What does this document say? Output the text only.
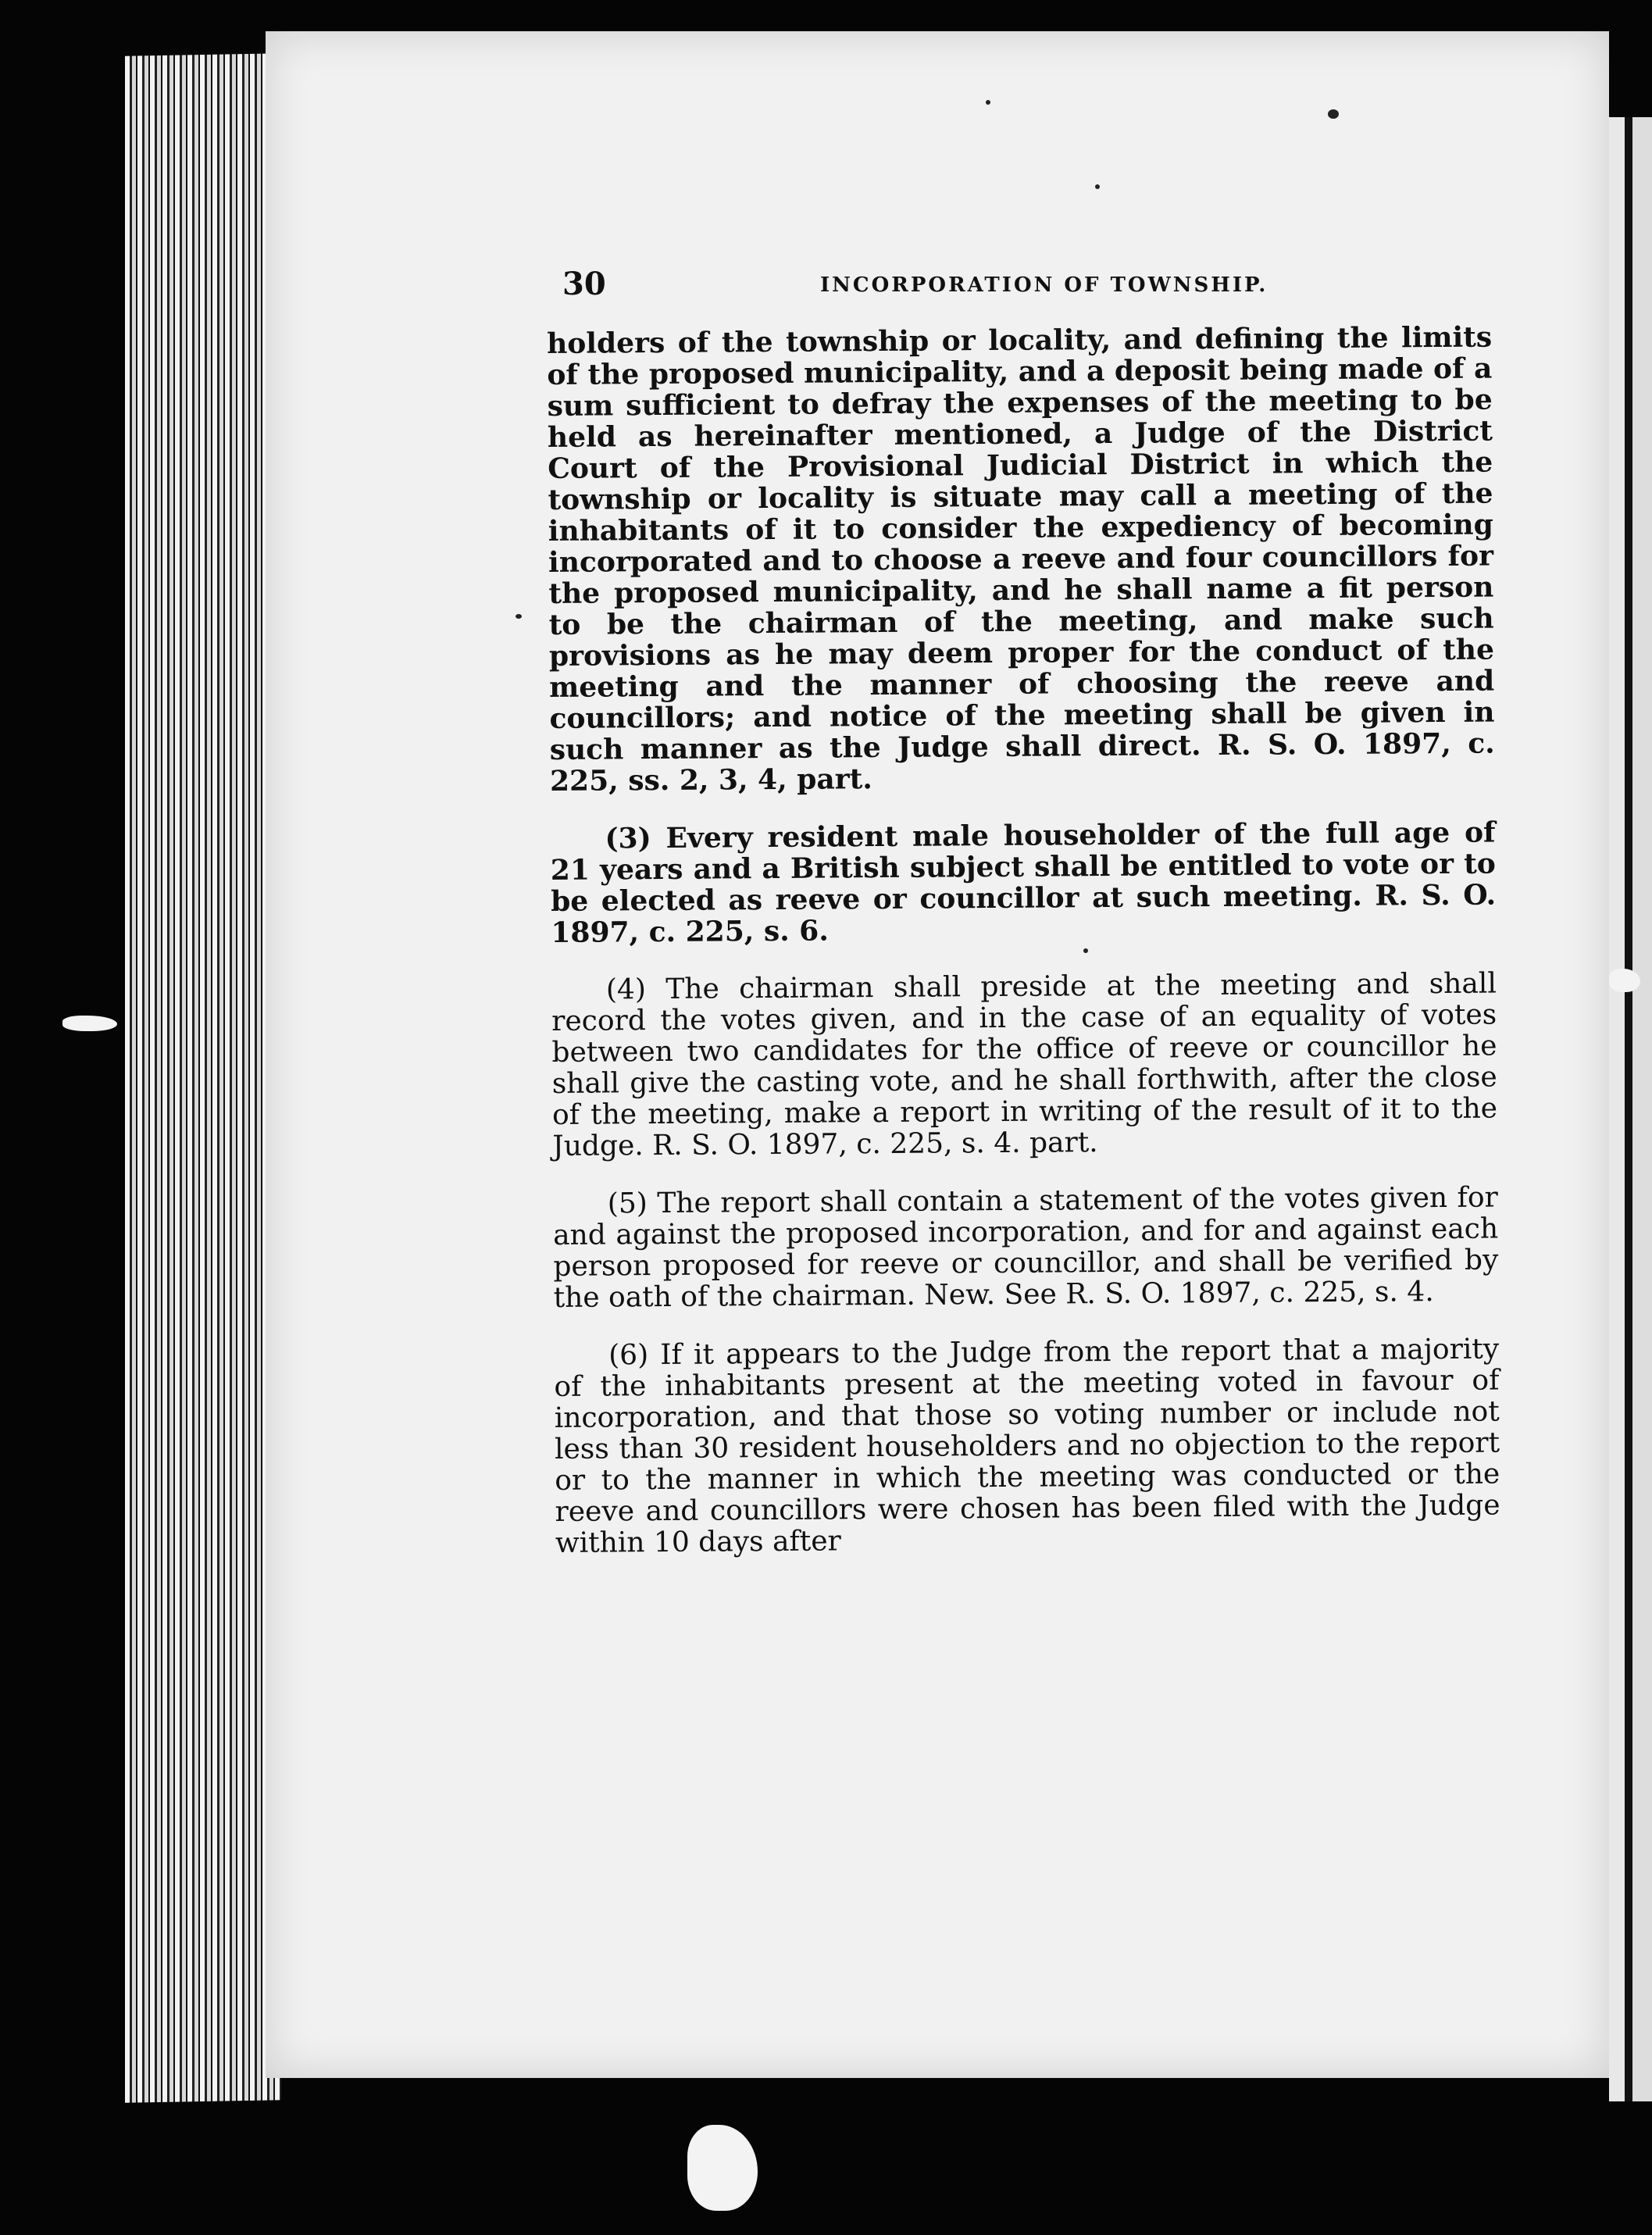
30	INCORPORATION OF TOWNSHIP.

holders of the township or locality, and defining the limits of the proposed municipality, and a deposit being made of a sum sufficient to defray the expenses of the meeting to be held as hereinafter mentioned, a Judge of the District Court of the Provisional Judicial District in which the township or locality is situate may call a meeting of the inhabitants of it to consider the expediency of becoming incorporated and to choose a reeve and four councillors for the proposed municipality, and he shall name a fit person to be the chairman of the meeting, and make such provisions as he may deem proper for the conduct of the meeting and the manner of choosing the reeve and councillors; and notice of the meeting shall be given in such manner as the Judge shall direct. R. S. O. 1897, c. 225, ss. 2, 3, 4, part.

(3) Every resident male householder of the full age of 21 years and a British subject shall be entitled to vote or to be elected as reeve or councillor at such meeting. R. S. O. 1897, c. 225, s. 6.

(4) The chairman shall preside at the meeting and shall record the votes given, and in the case of an equality of votes between two candidates for the office of reeve or councillor he shall give the casting vote, and he shall forthwith, after the close of the meeting, make a report in writing of the result of it to the Judge. R. S. O. 1897, c. 225, s. 4. part.

(5) The report shall contain a statement of the votes given for and against the proposed incorporation, and for and against each person proposed for reeve or councillor, and shall be verified by the oath of the chairman. New. See R. S. O. 1897, c. 225, s. 4.

(6) If it appears to the Judge from the report that a majority of the inhabitants present at the meeting voted in favour of incorporation, and that those so voting number or include not less than 30 resident householders and no objection to the report or to the manner in which the meeting was conducted or the reeve and councillors were chosen has been filed with the Judge within 10 days after
